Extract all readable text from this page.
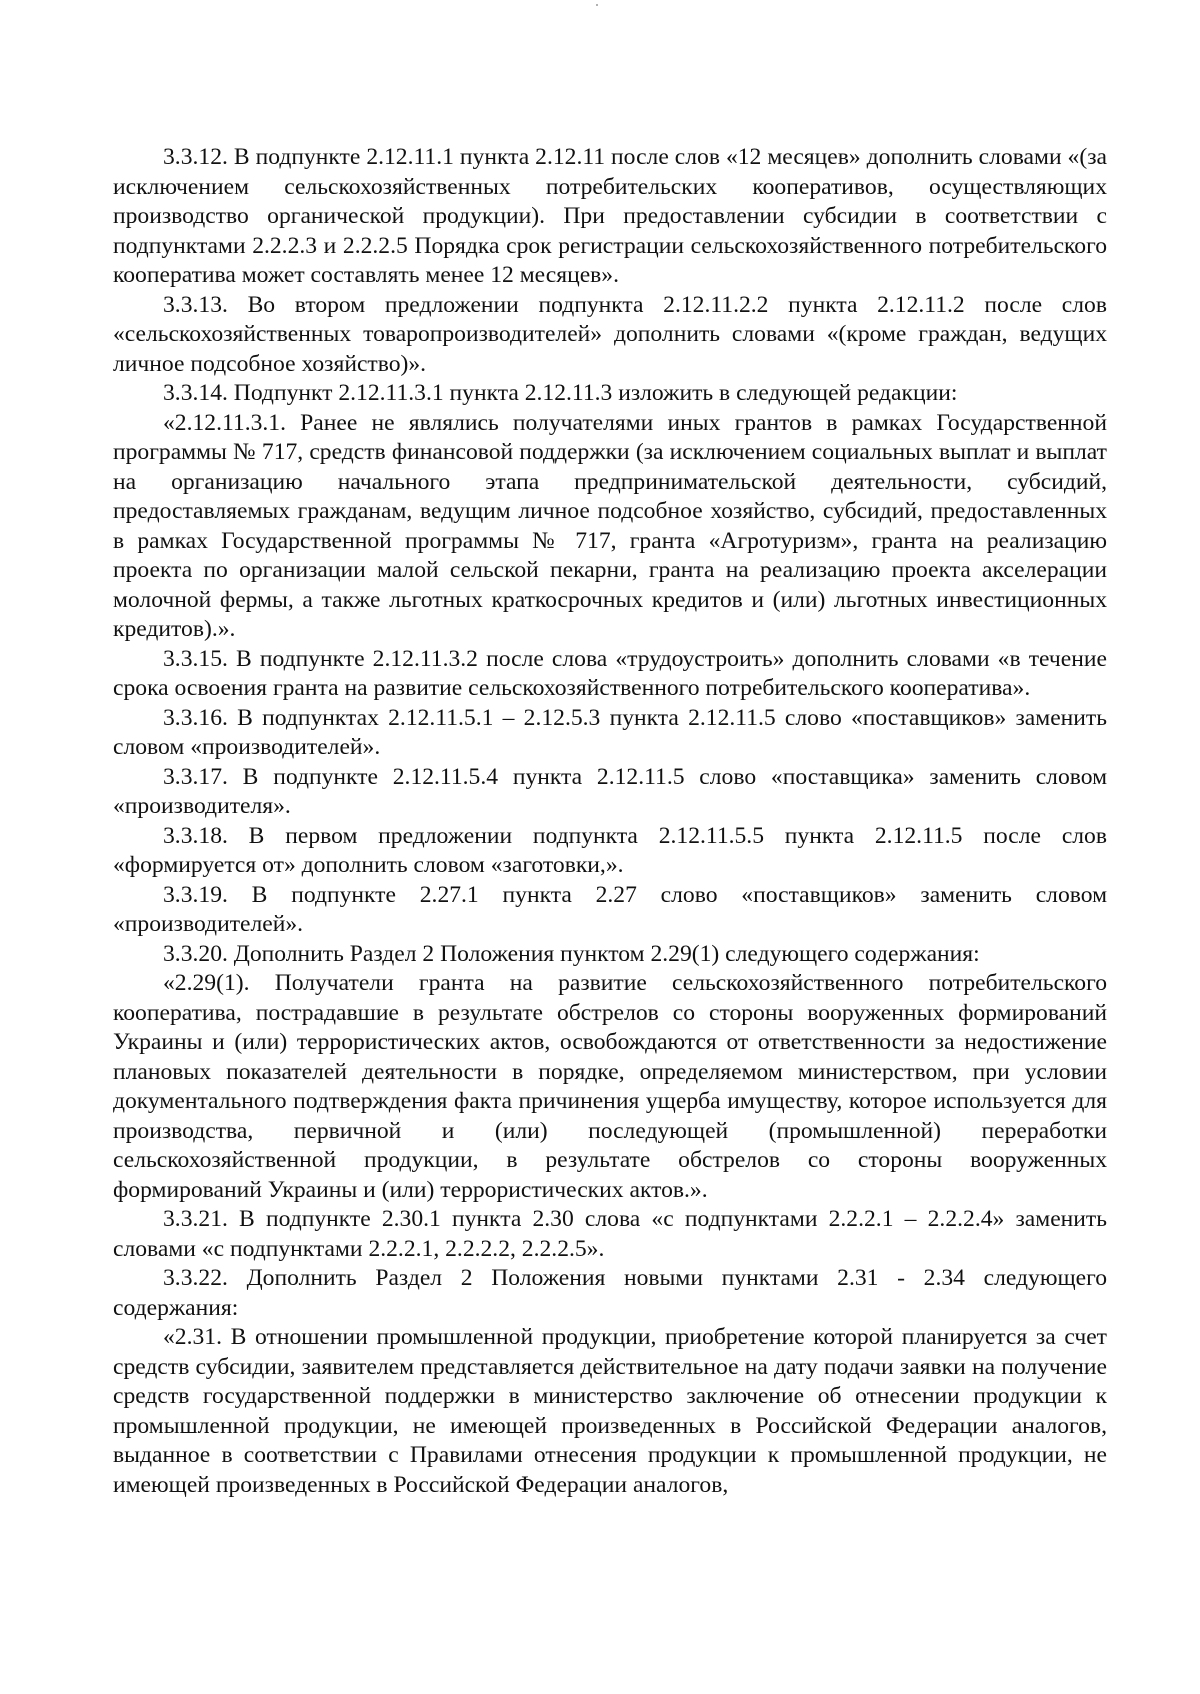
3.3.12. В подпункте 2.12.11.1 пункта 2.12.11 после слов «12 месяцев» дополнить словами «(за исключением сельскохозяйственных потребительских кооперативов, осуществляющих производство органической продукции). При предоставлении субсидии в соответствии с подпунктами 2.2.2.3 и 2.2.2.5 Порядка срок регистрации сельскохозяйственного потребительского кооператива может составлять менее 12 месяцев».

3.3.13. Во втором предложении подпункта 2.12.11.2.2 пункта 2.12.11.2 после слов «сельскохозяйственных товаропроизводителей» дополнить словами «(кроме граждан, ведущих личное подсобное хозяйство)».

3.3.14. Подпункт 2.12.11.3.1 пункта 2.12.11.3 изложить в следующей редакции:

«2.12.11.3.1. Ранее не являлись получателями иных грантов в рамках Государственной программы № 717, средств финансовой поддержки (за исключением социальных выплат и выплат на организацию начального этапа предпринимательской деятельности, субсидий, предоставляемых гражданам, ведущим личное подсобное хозяйство, субсидий, предоставленных в рамках Государственной программы № 717, гранта «Агротуризм», гранта на реализацию проекта по организации малой сельской пекарни, гранта на реализацию проекта акселерации молочной фермы, а также льготных краткосрочных кредитов и (или) льготных инвестиционных кредитов).».

3.3.15. В подпункте 2.12.11.3.2 после слова «трудоустроить» дополнить словами «в течение срока освоения гранта на развитие сельскохозяйственного потребительского кооператива».

3.3.16. В подпунктах 2.12.11.5.1 – 2.12.5.3 пункта 2.12.11.5 слово «поставщиков» заменить словом «производителей».

3.3.17. В подпункте 2.12.11.5.4 пункта 2.12.11.5 слово «поставщика» заменить словом «производителя».

3.3.18. В первом предложении подпункта 2.12.11.5.5 пункта 2.12.11.5 после слов «формируется от» дополнить словом «заготовки,».

3.3.19. В подпункте 2.27.1 пункта 2.27 слово «поставщиков» заменить словом «производителей».

3.3.20. Дополнить Раздел 2 Положения пунктом 2.29(1) следующего содержания:

«2.29(1). Получатели гранта на развитие сельскохозяйственного потребительского кооператива, пострадавшие в результате обстрелов со стороны вооруженных формирований Украины и (или) террористических актов, освобождаются от ответственности за недостижение плановых показателей деятельности в порядке, определяемом министерством, при условии документального подтверждения факта причинения ущерба имуществу, которое используется для производства, первичной и (или) последующей (промышленной) переработки сельскохозяйственной продукции, в результате обстрелов со стороны вооруженных формирований Украины и (или) террористических актов.».

3.3.21. В подпункте 2.30.1 пункта 2.30 слова «с подпунктами 2.2.2.1 – 2.2.2.4» заменить словами «с подпунктами 2.2.2.1, 2.2.2.2, 2.2.2.5».

3.3.22. Дополнить Раздел 2 Положения новыми пунктами 2.31 - 2.34 следующего содержания:

«2.31. В отношении промышленной продукции, приобретение которой планируется за счет средств субсидии, заявителем представляется действительное на дату подачи заявки на получение средств государственной поддержки в министерство заключение об отнесении продукции к промышленной продукции, не имеющей произведенных в Российской Федерации аналогов, выданное в соответствии с Правилами отнесения продукции к промышленной продукции, не имеющей произведенных в Российской Федерации аналогов,
